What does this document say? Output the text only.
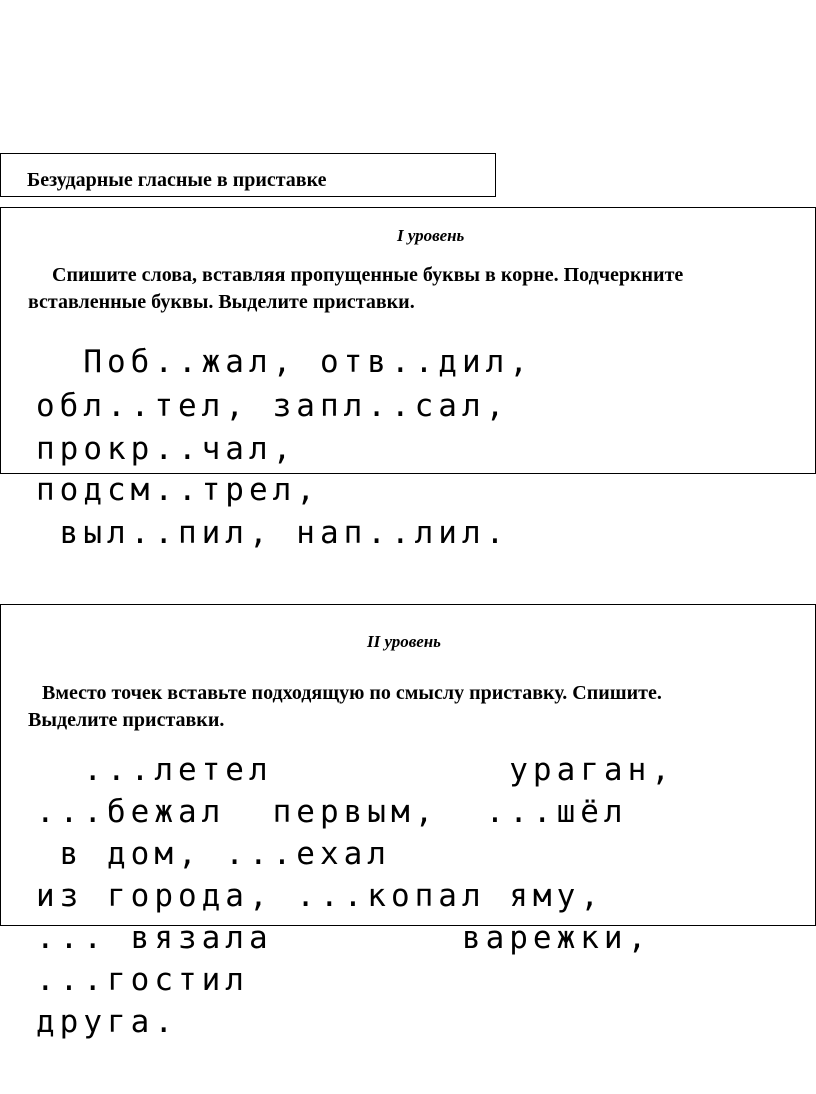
Безударные гласные в приставке
I уровень
Спишите слова, вставляя пропущенные буквы в корне. Подчеркните
вставленные буквы. Выделите приставки.
Поб..жал, отв..дил,
обл..тел, запл..сал,
прокр..чал,
подсм..трел,
выл..пил, нап..лил.
II уровень
Вместо точек вставьте подходящую по смыслу приставку. Спишите.
Выделите приставки.
...летел          ураган,
...бежал  первым,  ...шёл
в дом, ...ехал
из города, ...копал яму,
... вязала        варежки,
...гостил
друга.
